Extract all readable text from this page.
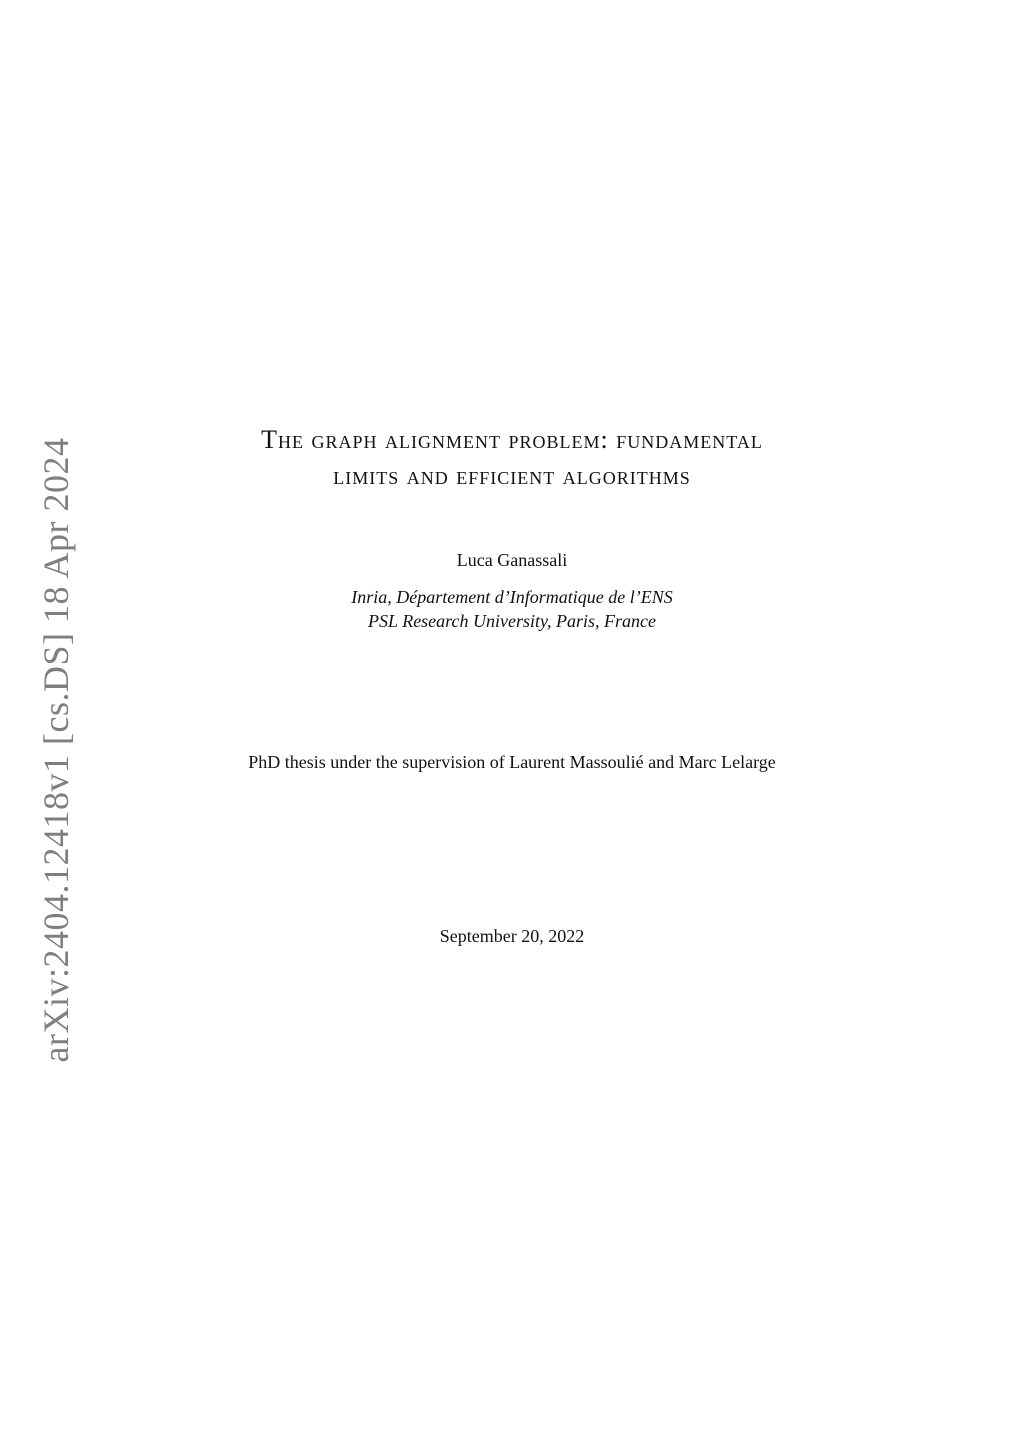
arXiv:2404.12418v1 [cs.DS] 18 Apr 2024	The graph alignment problem: fundamental
limits and efficient algorithms
Luca Ganassali
Inria, Département d’Informatique de l’ENS
PSL Research University, Paris, France
PhD thesis under the supervision of Laurent Massoulié and Marc Lelarge
September 20, 2022
